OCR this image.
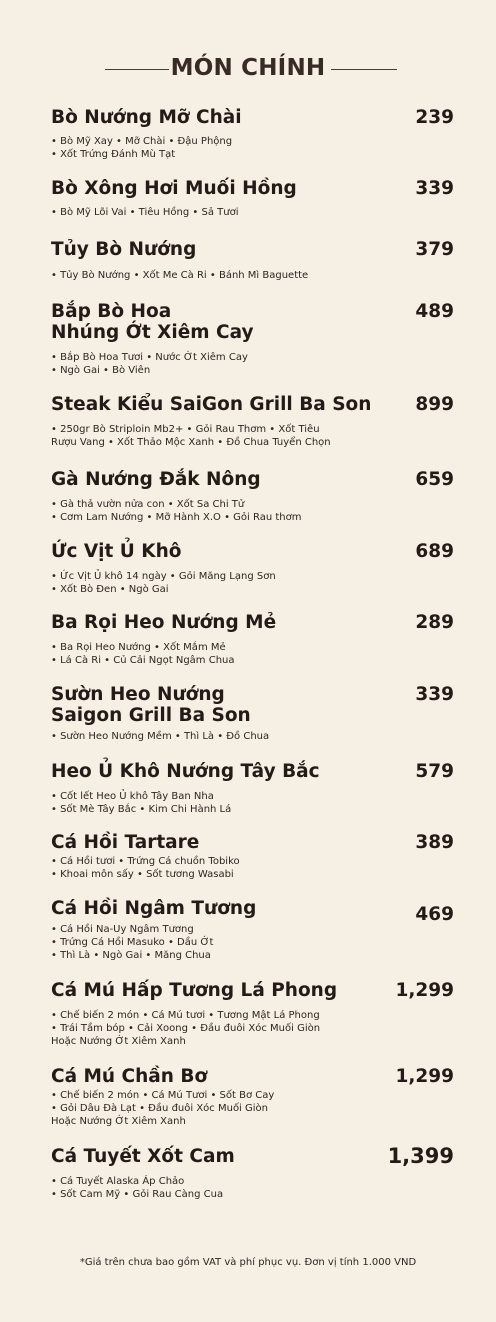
MÓN CHÍNH
239
Bò Nướng Mỡ Chài
• Bò Mỹ Xay • Mỡ Chài • Đậu Phộng
• Xốt Trứng Đánh Mù Tạt
339
Bò Xông Hơi Muối Hồng
• Bò Mỹ Lõi Vai • Tiêu Hồng • Sả Tươi
379
Tủy Bò Nướng
• Tủy Bò Nướng • Xốt Me Cà Ri • Bánh Mì Baguette
489
Bắp Bò Hoa
Nhúng Ớt Xiêm Cay
• Bắp Bò Hoa Tươi • Nước Ớt Xiêm Cay
• Ngò Gai • Bò Viên
899
Steak Kiểu SaiGon Grill Ba Son
• 250gr Bò Striploin Mb2+ • Gỏi Rau Thơm • Xốt Tiêu
Rượu Vang • Xốt Thảo Mộc Xanh • Đồ Chua Tuyển Chọn
659
Gà Nướng Đắk Nông
• Gà thả vườn nửa con • Xốt Sa Chi Tử
• Cơm Lam Nướng • Mỡ Hành X.O • Gỏi Rau thơm
689
Ức Vịt Ủ Khô
• Ức Vịt Ủ khô 14 ngày • Gỏi Măng Lạng Sơn
• Xốt Bò Đen • Ngò Gai
289
Ba Rọi Heo Nướng Mẻ
• Ba Rọi Heo Nướng • Xốt Mắm Mẻ
• Lá Cà Ri • Củ Cải Ngọt Ngâm Chua
339
Sườn Heo Nướng
Saigon Grill Ba Son
• Sườn Heo Nướng Mềm • Thì Là • Đồ Chua
579
Heo Ủ Khô Nướng Tây Bắc
• Cốt lết Heo Ủ khô Tây Ban Nha
• Sốt Mè Tây Bắc • Kim Chi Hành Lá
389
Cá Hồi Tartare
• Cá Hồi tươi • Trứng Cá chuồn Tobiko
• Khoai môn sấy • Sốt tương Wasabi
469
Cá Hồi Ngâm Tương
• Cá Hồi Na-Uy Ngâm Tương
• Trứng Cá Hồi Masuko • Dầu Ớt
• Thì Là • Ngò Gai • Măng Chua
1,299
Cá Mú Hấp Tương Lá Phong
• Chế biến 2 món • Cá Mú tươi • Tương Mật Lá Phong
• Trái Tầm bóp • Cải Xoong • Đầu đuôi Xóc Muối Giòn
Hoặc Nướng Ớt Xiêm Xanh
1,299
Cá Mú Chần Bơ
• Chế biến 2 món • Cá Mú Tươi • Sốt Bơ Cay
• Gỏi Dâu Đà Lạt • Đầu đuôi Xóc Muối Giòn
Hoặc Nướng Ớt Xiêm Xanh
1,399
Cá Tuyết Xốt Cam
• Cá Tuyết Alaska Áp Chảo
• Sốt Cam Mỹ • Gỏi Rau Càng Cua
*Giá trên chưa bao gồm VAT và phí phục vụ. Đơn vị tính 1.000 VND
